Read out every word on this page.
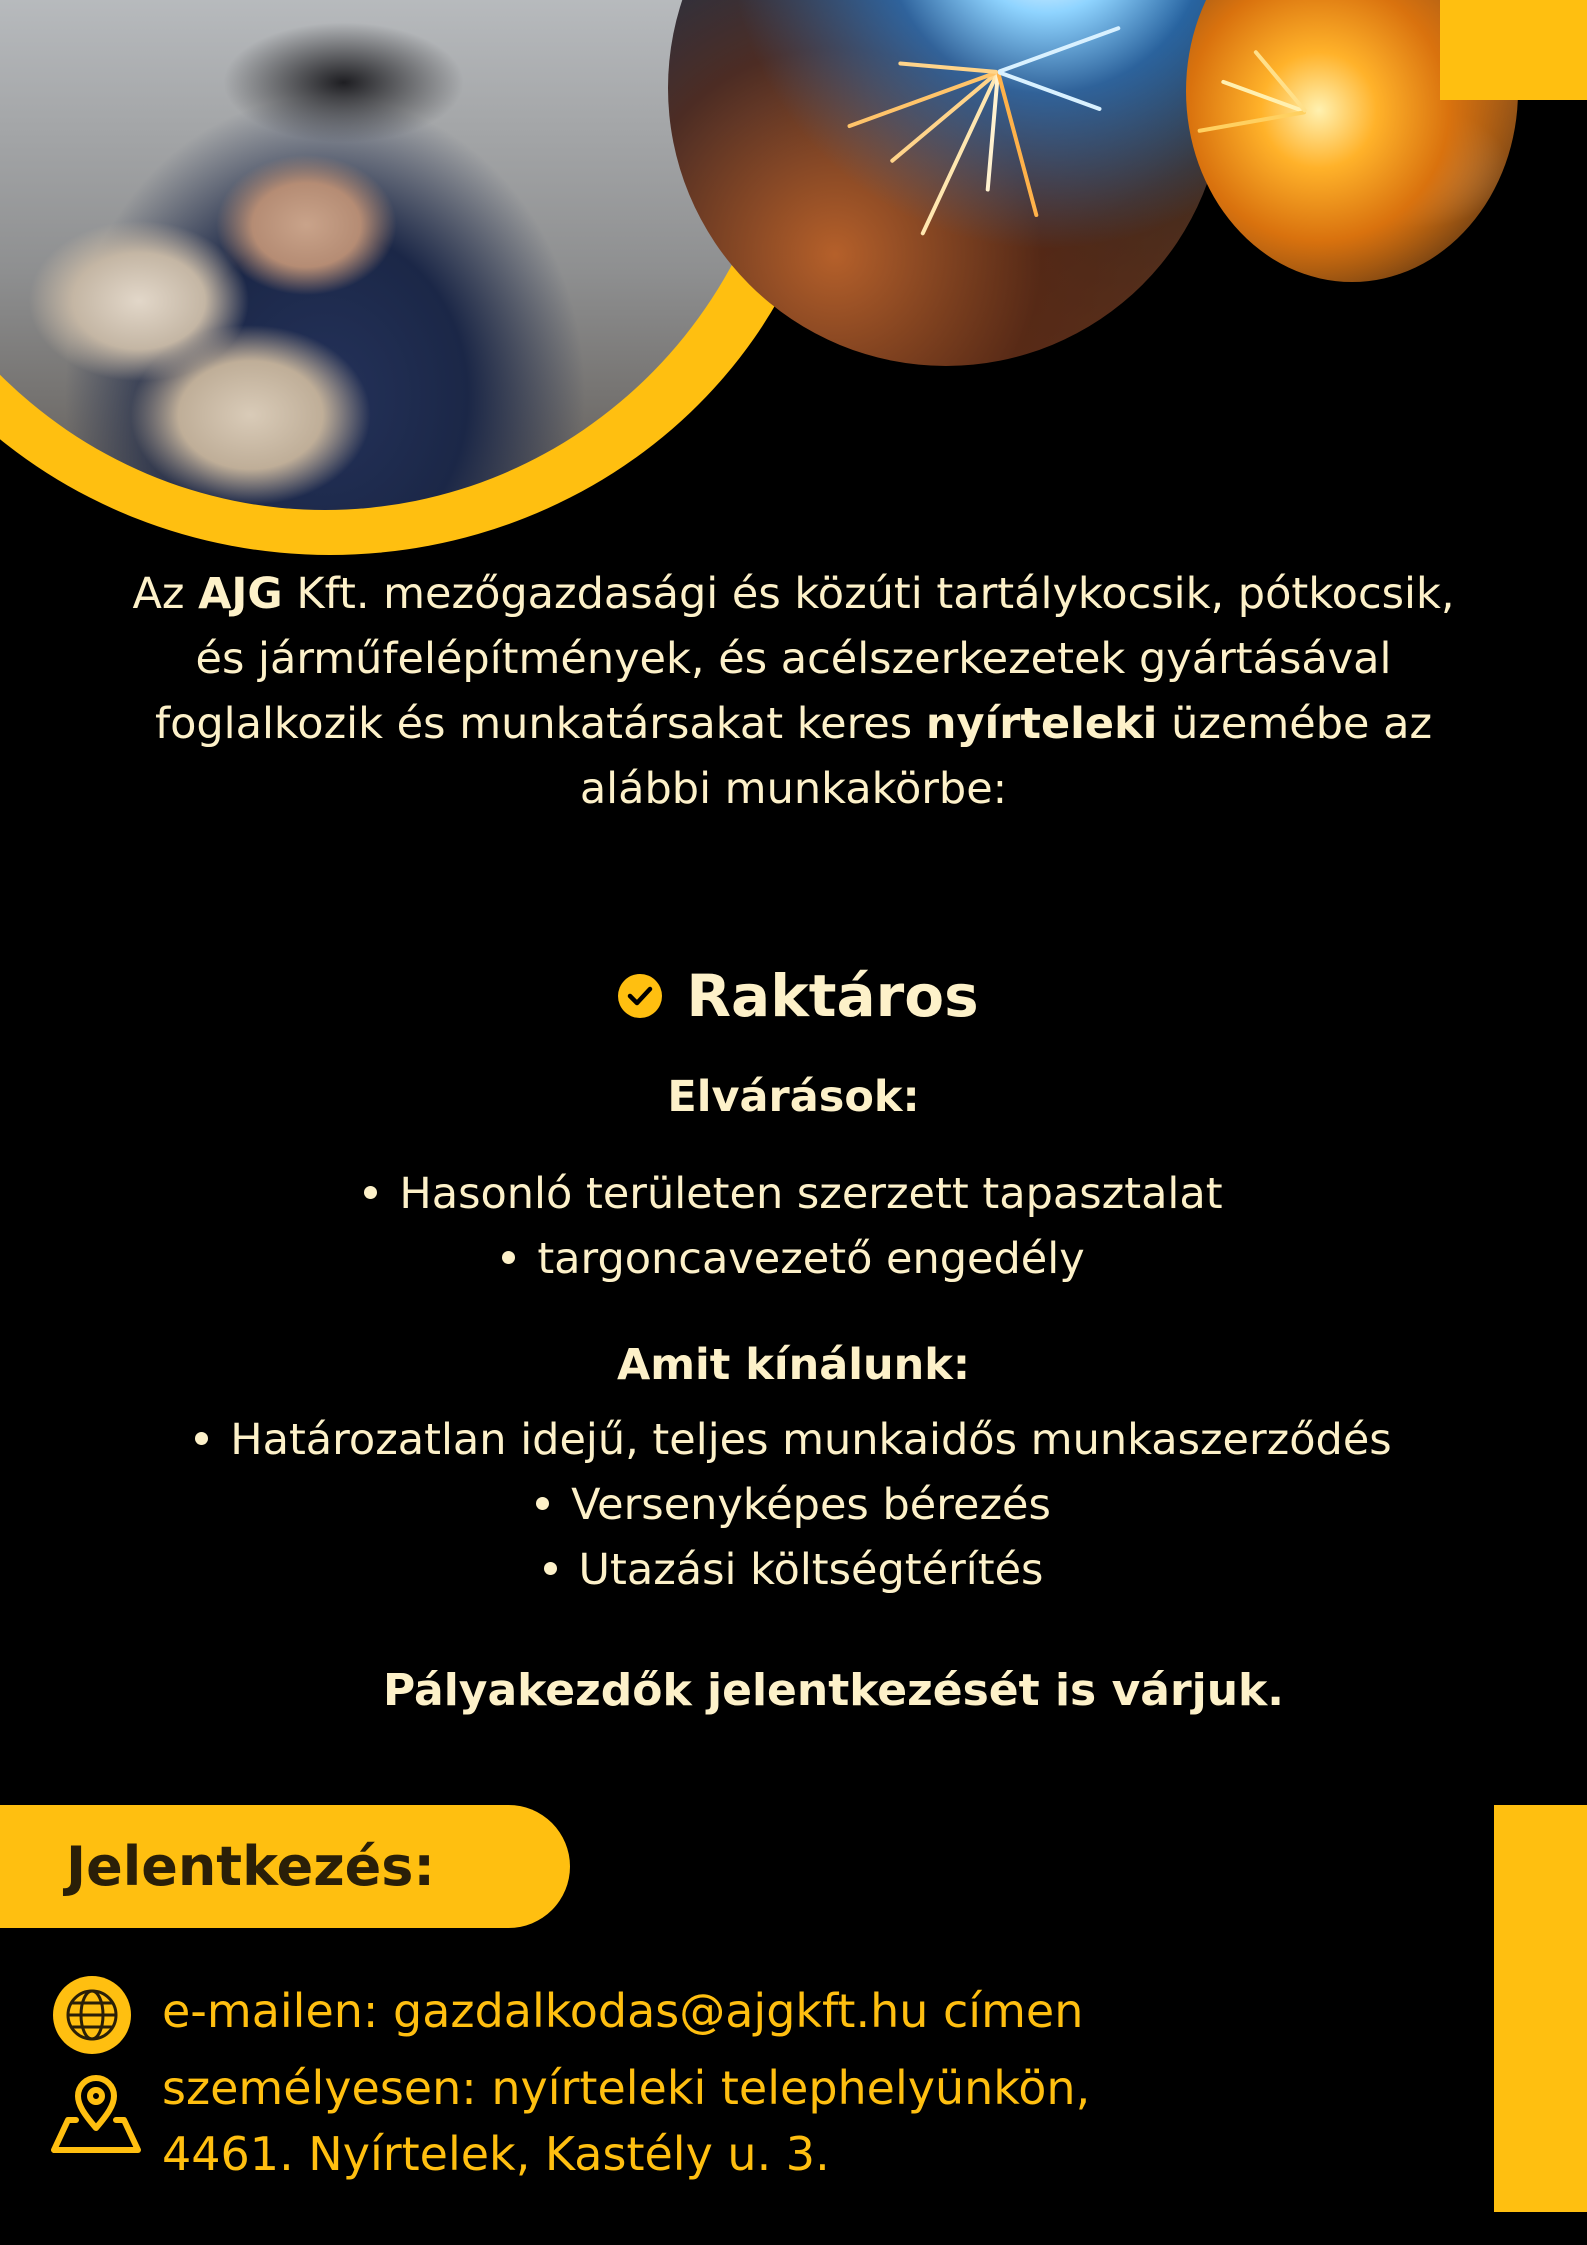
Az AJG Kft. mezőgazdasági és közúti tartálykocsik, pótkocsik, és járműfelépítmények, és acélszerkezetek gyártásával foglalkozik és munkatársakat keres nyírteleki üzemébe az alábbi munkakörbe:

Raktáros
Elvárások:
Hasonló területen szerzett tapasztalat
targoncavezető engedély
Amit kínálunk:
Határozatlan idejű, teljes munkaidős munkaszerződés
Versenyképes bérezés
Utazási költségtérítés

Pályakezdők jelentkezését is várjuk.

Jelentkezés:

e-mailen: gazdalkodas@ajgkft.hu címen

személyesen: nyírteleki telephelyünkön,
4461. Nyírtelek, Kastély u. 3.
